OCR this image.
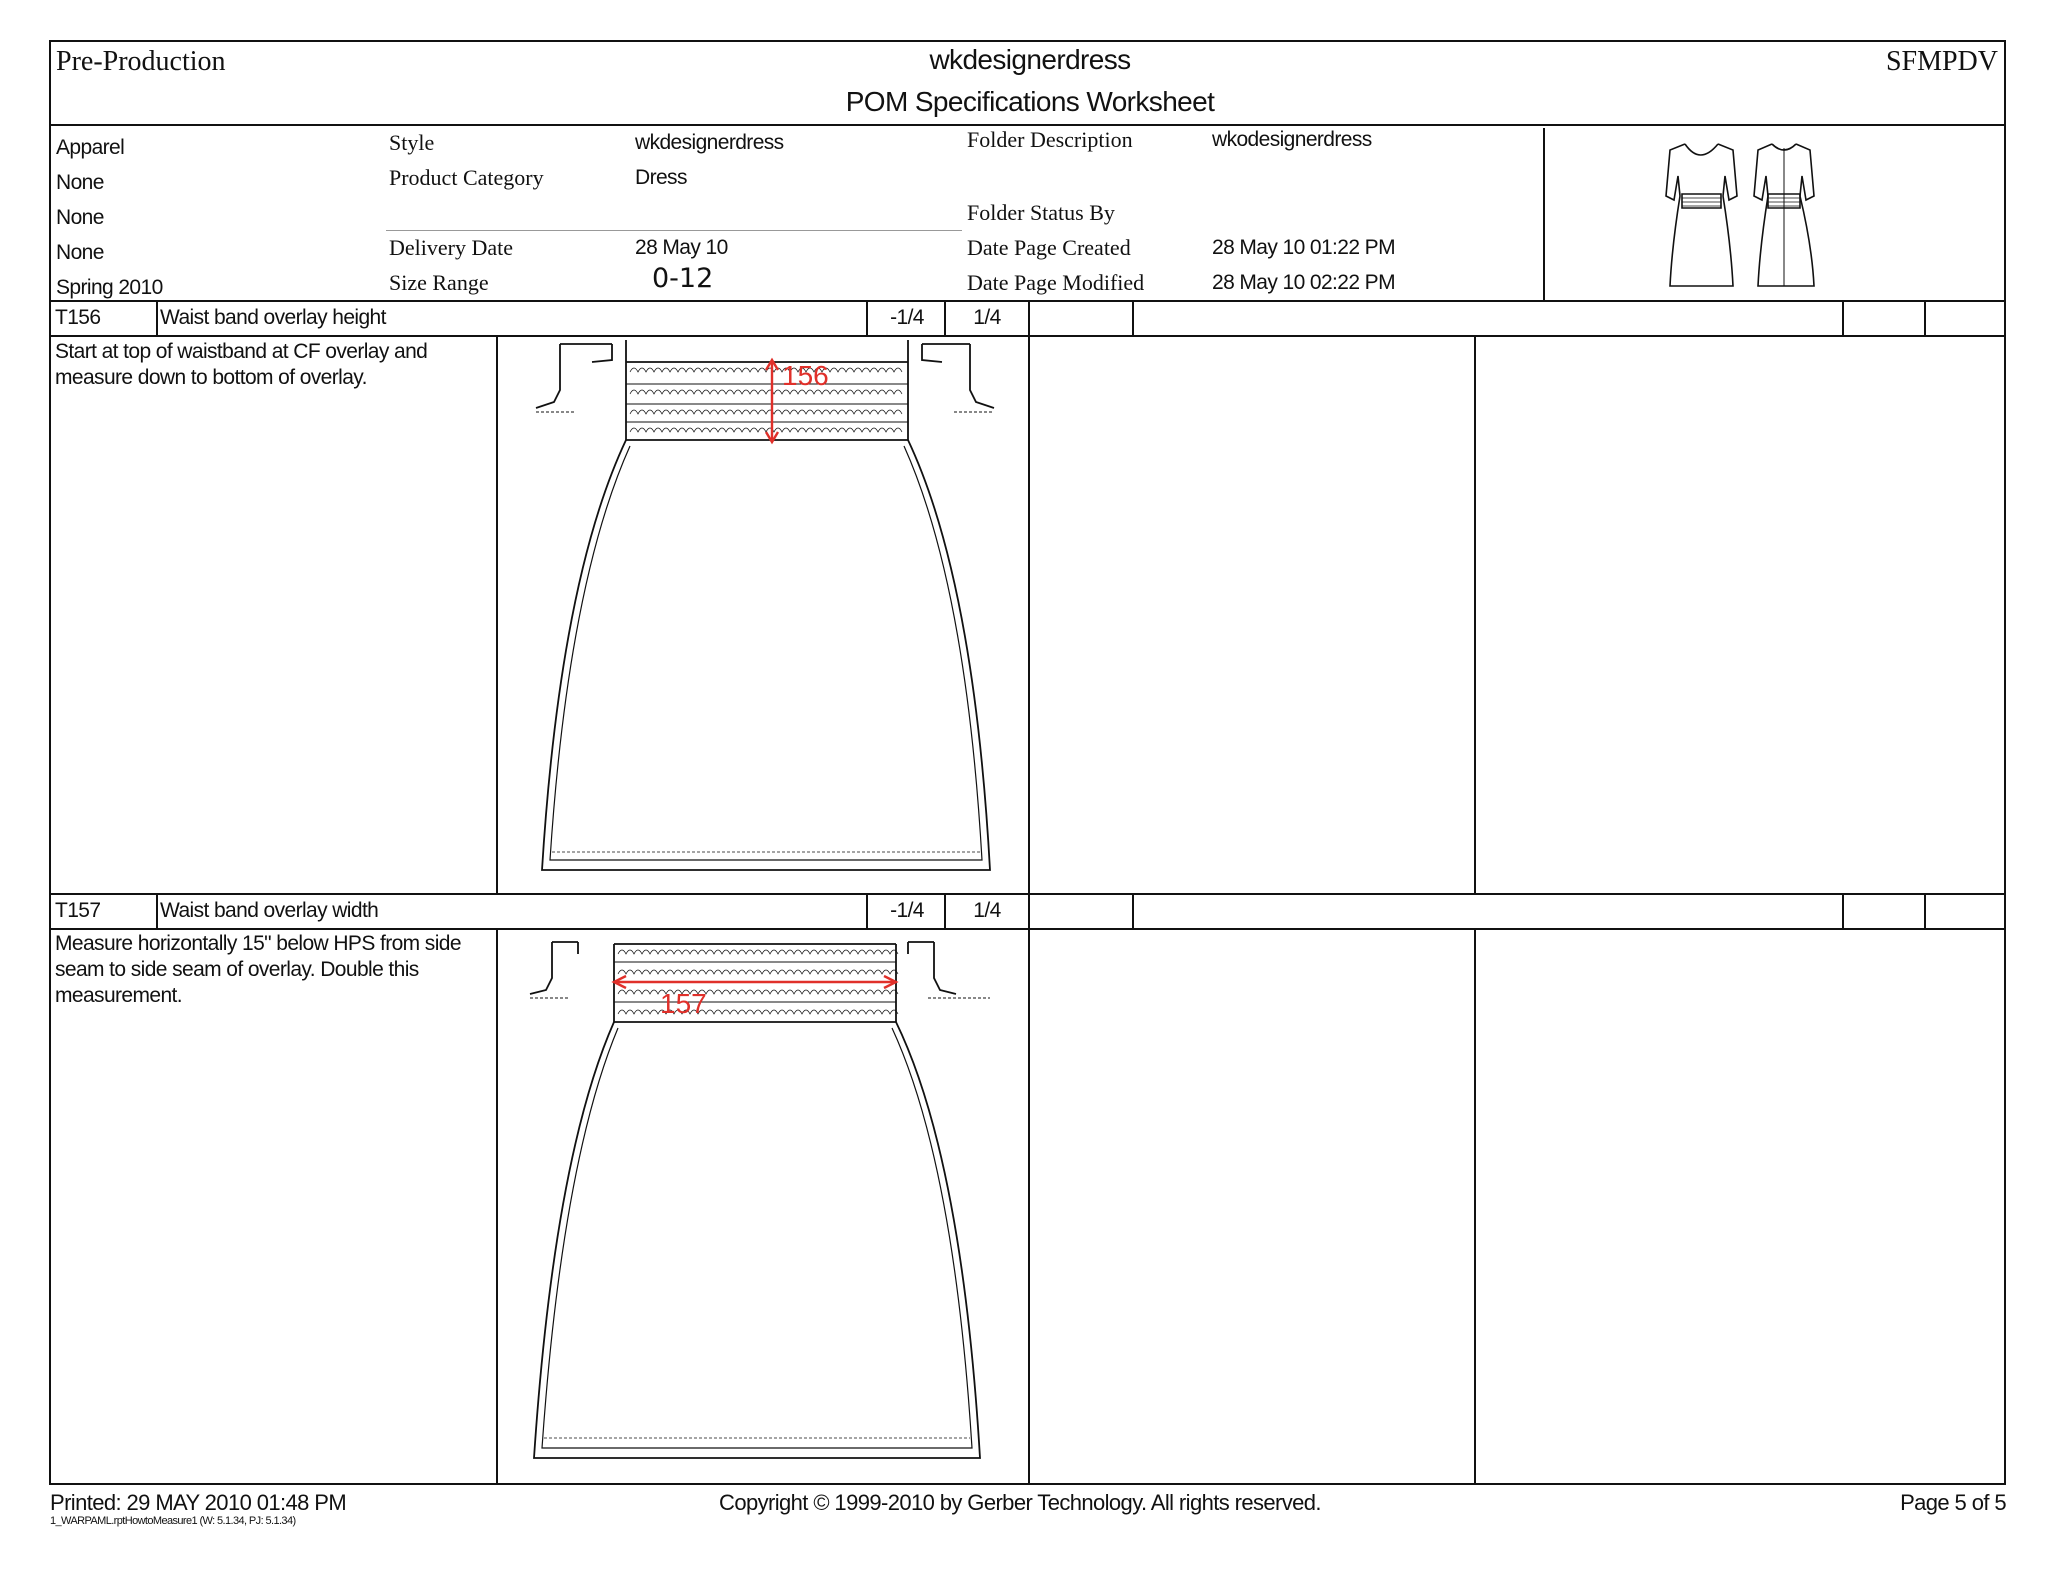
Pre-Production	wkdesignerdress
POM Specifications Worksheet
SFMPDV
Apparel
None
None
None
Spring 2010
Style	wkdesignerdress
Product Category	Dress
Delivery Date	28 May 10
Size Range	0-12
Folder Description	wkodesignerdress
Folder Status By
Date Page Created	28 May 10 01:22 PM
Date Page Modified	28 May 10 02:22 PM
T156	Waist band overlay height	-1/4	1/4
Start at top of waistband at CF overlay and measure down to bottom of overlay.	156
T157	Waist band overlay width	-1/4	1/4
Measure horizontally 15" below HPS from side seam to side seam of overlay. Double this measurement.	157
Printed: 29 MAY 2010 01:48 PM
1_WARPAML.rptHowtoMeasure1 (W: 5.1.34, PJ: 5.1.34)
Copyright © 1999-2010 by Gerber Technology. All rights reserved.	Page 5 of 5
